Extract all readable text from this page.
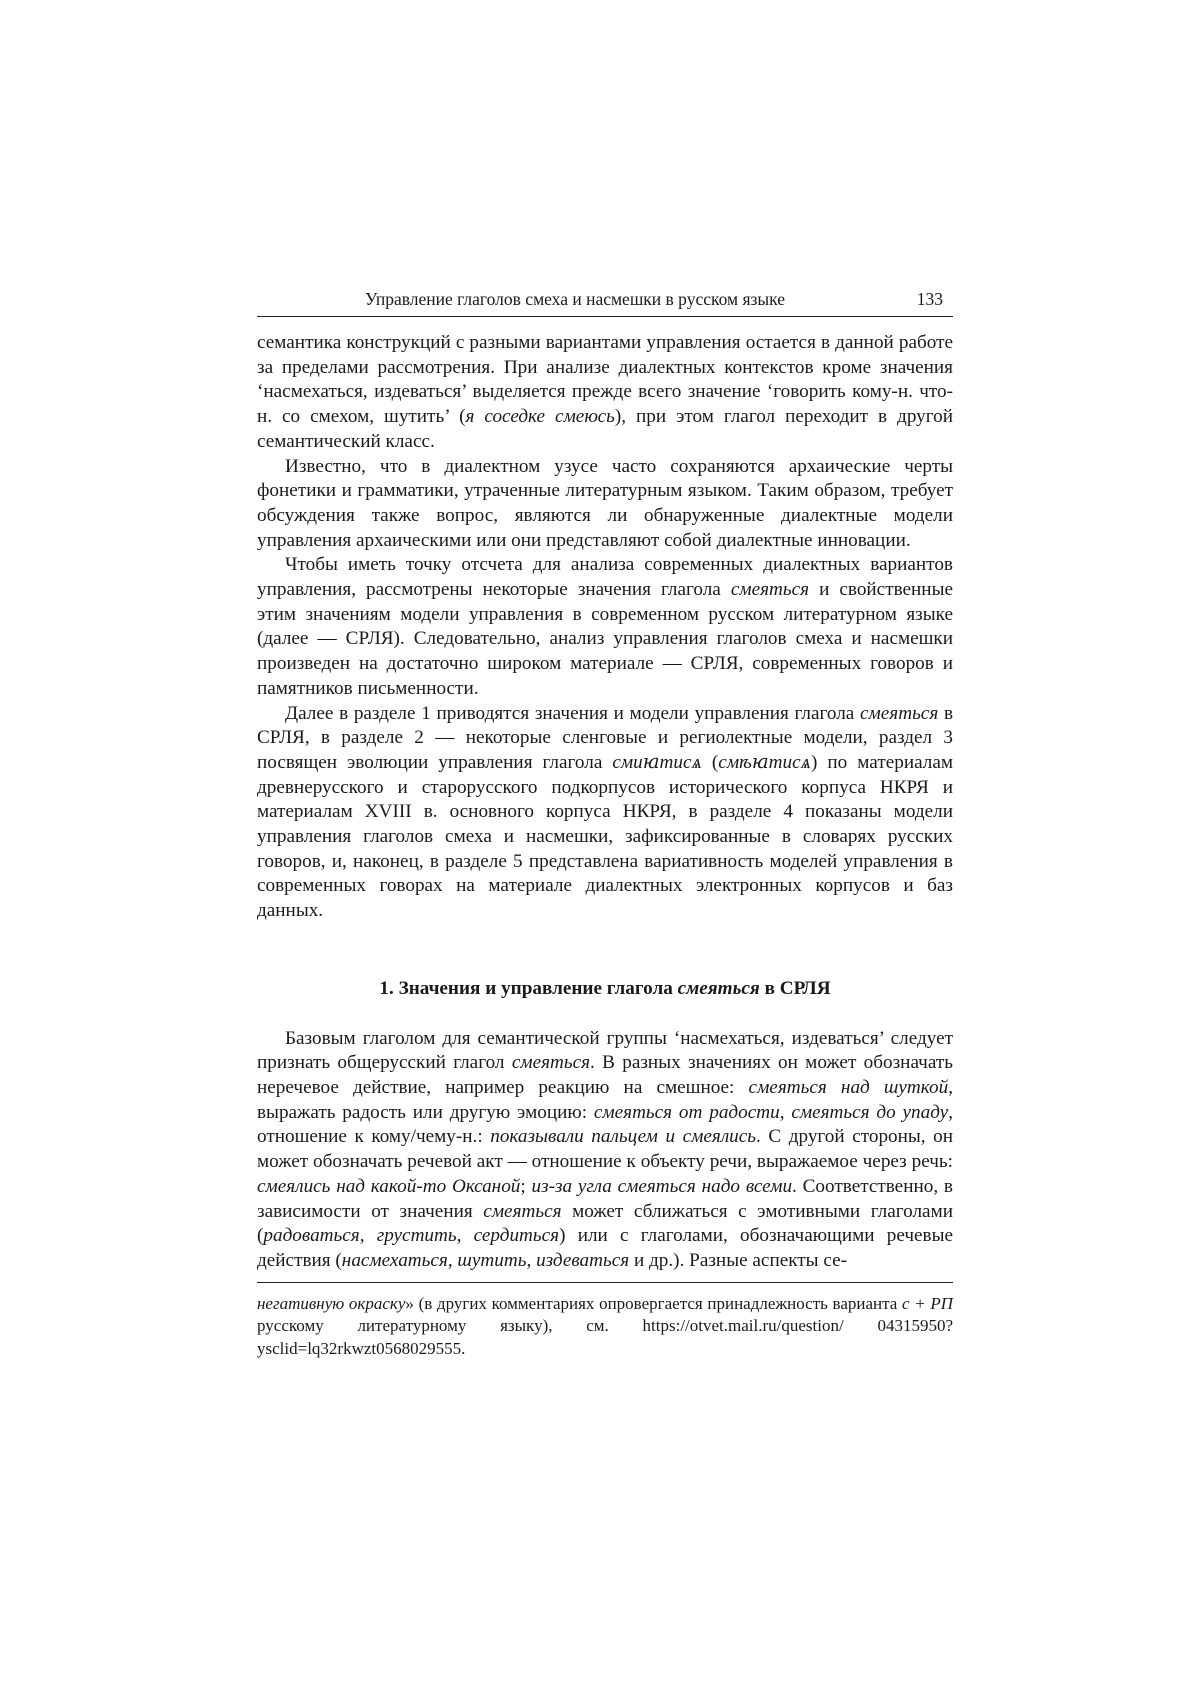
Управление глаголов смеха и насмешки в русском языке	133

семантика конструкций с разными вариантами управления остается в данной работе за пределами рассмотрения. При анализе диалектных контекстов кроме значения ‘насмехаться, издеваться’ выделяется прежде всего значение ‘говорить кому-н. что-н. со смехом, шутить’ (я соседке смеюсь), при этом глагол переходит в другой семантический класс.

Известно, что в диалектном узусе часто сохраняются архаические черты фонетики и грамматики, утраченные литературным языком. Таким образом, требует обсуждения также вопрос, являются ли обнаруженные диалектные модели управления архаическими или они представляют собой диалектные инновации.

Чтобы иметь точку отсчета для анализа современных диалектных вариантов управления, рассмотрены некоторые значения глагола смеяться и свойственные этим значениям модели управления в современном русском литературном языке (далее — СРЛЯ). Следовательно, анализ управления глаголов смеха и насмешки произведен на достаточно широком материале — СРЛЯ, современных говоров и памятников письменности.

Далее в разделе 1 приводятся значения и модели управления глагола смеяться в СРЛЯ, в разделе 2 — некоторые сленговые и региолектные модели, раздел 3 посвящен эволюции управления глагола смиꙗтисѧ (смѣꙗтисѧ) по материалам древнерусского и старорусского подкорпусов исторического корпуса НКРЯ и материалам XVIII в. основного корпуса НКРЯ, в разделе 4 показаны модели управления глаголов смеха и насмешки, зафиксированные в словарях русских говоров, и, наконец, в разделе 5 представлена вариативность моделей управления в современных говорах на материале диалектных электронных корпусов и баз данных.

1. Значения и управление глагола смеяться в СРЛЯ

Базовым глаголом для семантической группы ‘насмехаться, издеваться’ следует признать общерусский глагол смеяться. В разных значениях он может обозначать неречевое действие, например реакцию на смешное: смеяться над шуткой, выражать радость или другую эмоцию: смеяться от радости, смеяться до упаду, отношение к кому/чему-н.: показывали пальцем и смеялись. С другой стороны, он может обозначать речевой акт — отношение к объекту речи, выражаемое через речь: смеялись над какой-то Оксаной; из-за угла смеяться надо всеми. Соответственно, в зависимости от значения смеяться может сближаться с эмотивными глаголами (радоваться, грустить, сердиться) или с глаголами, обозначающими речевые действия (насмехаться, шутить, издеваться и др.). Разные аспекты се-

негативную окраску» (в других комментариях опровергается принадлежность варианта с + РП русскому литературному языку), см. https://otvet.mail.ru/question/ 04315950?ysclid=lq32rkwzt0568029555.
